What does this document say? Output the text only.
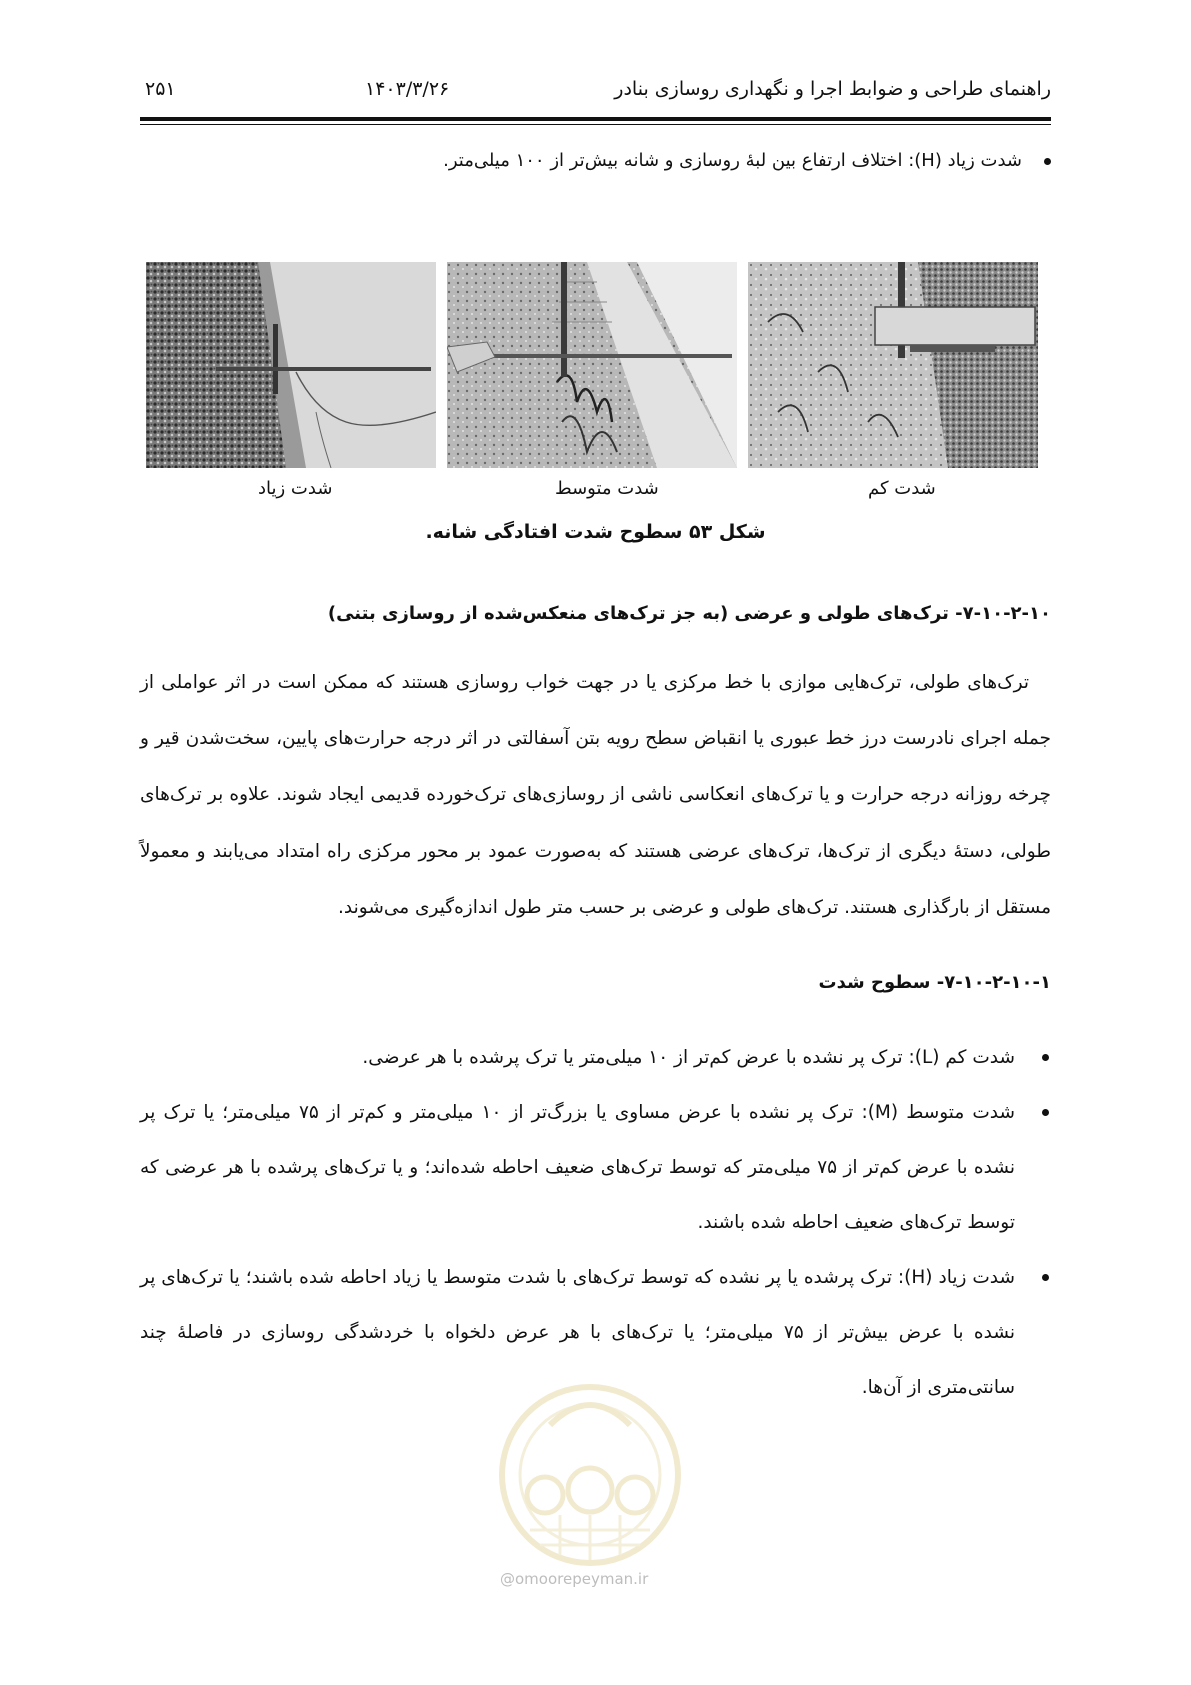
راهنمای طراحی و ضوابط اجرا و نگهداری روسازی بنادر
۱۴۰۳/۳/۲۶
۲۵۱
شدت زیاد (H): اختلاف ارتفاع بین لبهٔ روسازی و شانه بیش‌تر از ۱۰۰ میلی‌متر.
شدت زیاد	شدت متوسط	شدت کم
شکل ۵۳ سطوح شدت افتادگی شانه.
۷-۱۰-۲-۱۰- ترک‌های طولی و عرضی (به جز ترک‌های منعکس‌شده از روسازی بتنی)
ترک‌های طولی، ترک‌هایی موازی با خط مرکزی یا در جهت خواب روسازی هستند که ممکن است در اثر عواملی از جمله اجرای نادرست درز خط عبوری یا انقباض سطح رویه بتن آسفالتی در اثر درجه حرارت‌های پایین، سخت‌شدن قیر و چرخه روزانه درجه حرارت و یا ترک‌های انعکاسی ناشی از روسازی‌های ترک‌خورده قدیمی ایجاد شوند. علاوه بر ترک‌های طولی، دستهٔ دیگری از ترک‌ها، ترک‌های عرضی هستند که به‌صورت عمود بر محور مرکزی راه امتداد می‌یابند و معمولاً مستقل از بارگذاری هستند. ترک‌های طولی و عرضی بر حسب متر طول اندازه‌گیری می‌شوند.
۷-۱۰-۲-۱۰-۱- سطوح شدت
شدت کم (L): ترک پر نشده با عرض کم‌تر از ۱۰ میلی‌متر یا ترک پرشده با هر عرضی.
شدت متوسط (M): ترک پر نشده با عرض مساوی یا بزرگ‌تر از ۱۰ میلی‌متر و کم‌تر از ۷۵ میلی‌متر؛ یا ترک پر نشده با عرض کم‌تر از ۷۵ میلی‌متر که توسط ترک‌های ضعیف احاطه شده‌اند؛ و یا ترک‌های پرشده با هر عرضی که توسط ترک‌های ضعیف احاطه شده باشند.
شدت زیاد (H): ترک پرشده یا پر نشده که توسط ترک‌های با شدت متوسط یا زیاد احاطه شده باشند؛ یا ترک‌های پر نشده با عرض بیش‌تر از ۷۵ میلی‌متر؛ یا ترک‌های با هر عرض دلخواه با خردشدگی روسازی در فاصلهٔ چند سانتی‌متری از آن‌ها.
@omoorepeyman.ir
